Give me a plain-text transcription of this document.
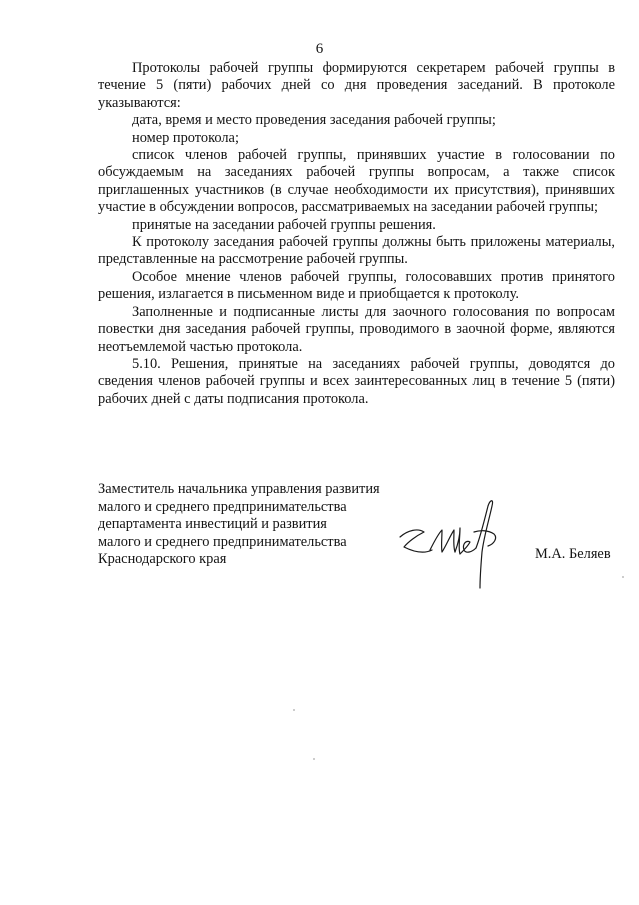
6

Протоколы рабочей группы формируются секретарем рабочей группы в течение 5 (пяти) рабочих дней со дня проведения заседаний. В протоколе указываются:

дата, время и место проведения заседания рабочей группы;

номер протокола;

список членов рабочей группы, принявших участие в голосовании по обсуждаемым на заседаниях рабочей группы вопросам, а также список приглашенных участников (в случае необходимости их присутствия), принявших участие в обсуждении вопросов, рассматриваемых на заседании рабочей группы;

принятые на заседании рабочей группы решения.

К протоколу заседания рабочей группы должны быть приложены материалы, представленные на рассмотрение рабочей группы.

Особое мнение членов рабочей группы, голосовавших против принятого решения, излагается в письменном виде и приобщается к протоколу.

Заполненные и подписанные листы для заочного голосования по вопросам повестки дня заседания рабочей группы, проводимого в заочной форме, являются неотъемлемой частью протокола.

5.10. Решения, принятые на заседаниях рабочей группы, доводятся до сведения членов рабочей группы и всех заинтересованных лиц в течение 5 (пяти) рабочих дней с даты подписания протокола.

Заместитель начальника управления развития
малого и среднего предпринимательства
департамента инвестиций и развития
малого и среднего предпринимательства
Краснодарского края	М.А. Беляев
